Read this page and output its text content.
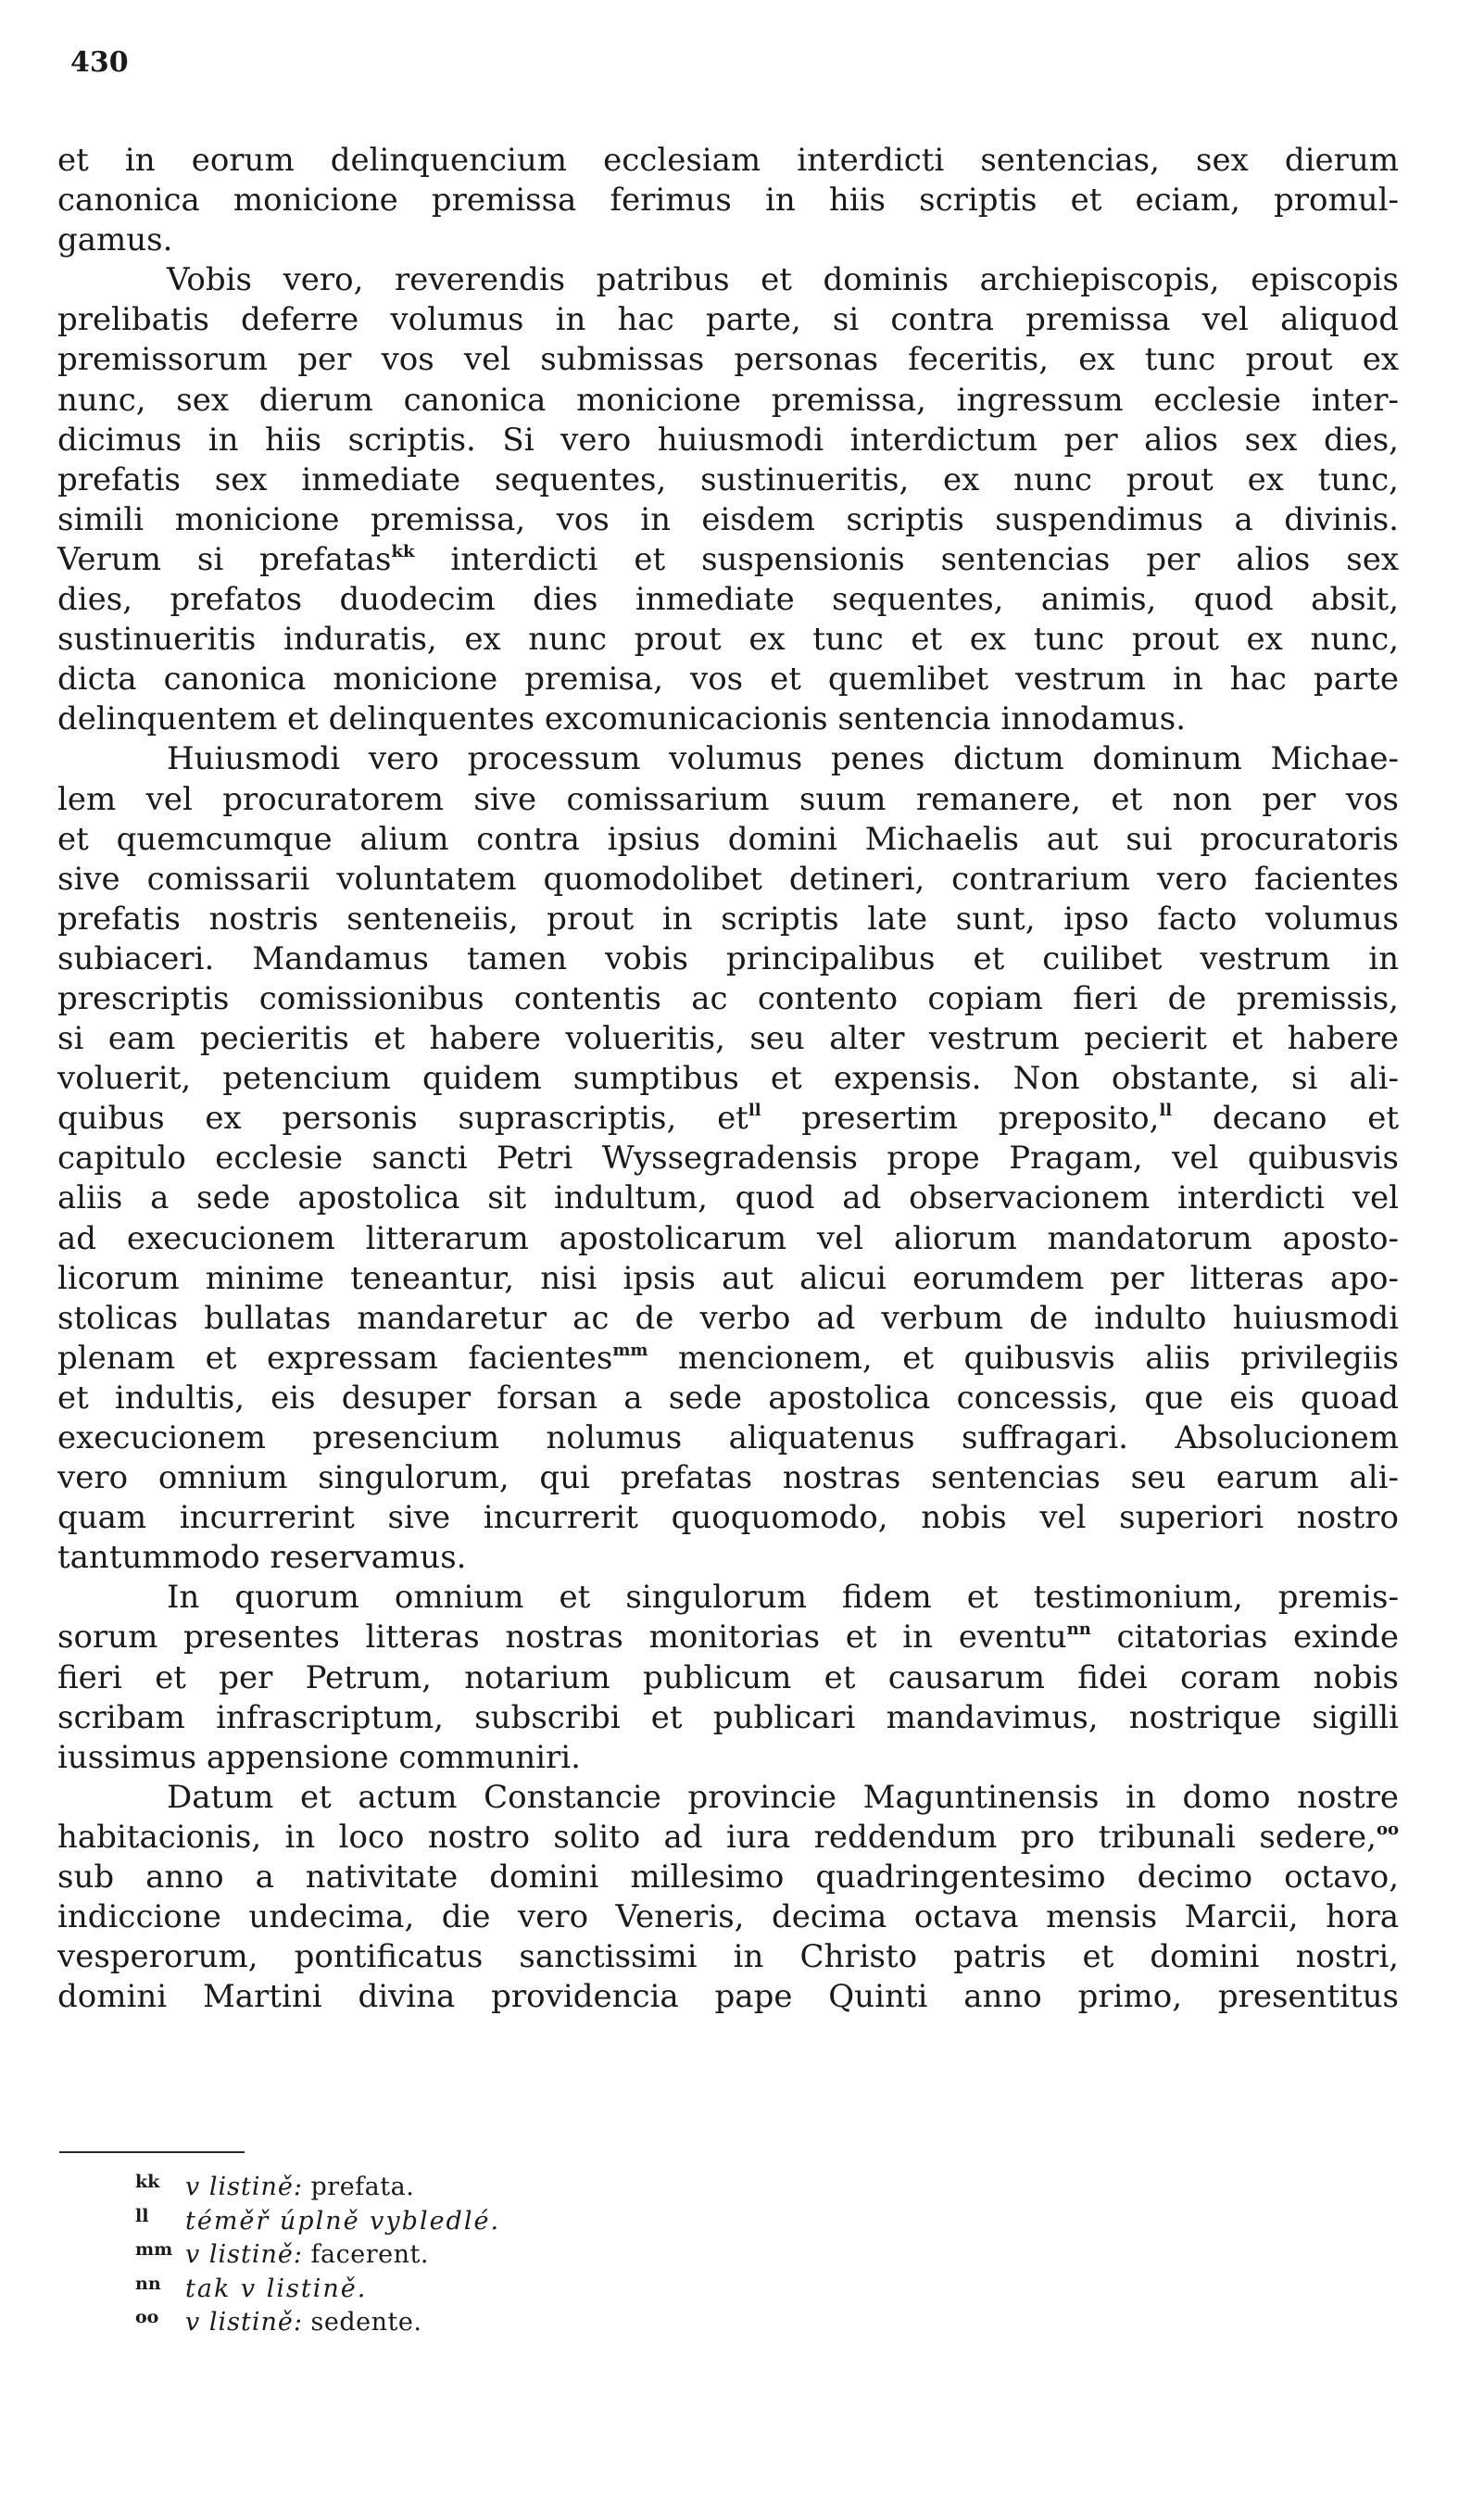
430

et in eorum delinquencium ecclesiam interdicti sentencias, sex dierum
canonica monicione premissa ferimus in hiis scriptis et eciam, promul-
gamus.

Vobis vero, reverendis patribus et dominis archiepiscopis, episcopis
prelibatis deferre volumus in hac parte, si contra premissa vel aliquod
premissorum per vos vel submissas personas feceritis, ex tunc prout ex
nunc, sex dierum canonica monicione premissa, ingressum ecclesie inter-
dicimus in hiis scriptis. Si vero huiusmodi interdictum per alios sex dies,
prefatis sex inmediate sequentes, sustinueritis, ex nunc prout ex tunc,
simili monicione premissa, vos in eisdem scriptis suspendimus a divinis.
Verum si prefatas$^{kk}$ interdicti et suspensionis sentencias per alios sex
dies, prefatos duodecim dies inmediate sequentes, animis, quod absit,
sustinueritis induratis, ex nunc prout ex tunc et ex tunc prout ex nunc,
dicta canonica monicione premisa, vos et quemlibet vestrum in hac parte
delinquentem et delinquentes excomunicacionis sentencia innodamus.

Huiusmodi vero processum volumus penes dictum dominum Michae-
lem vel procuratorem sive comissarium suum remanere, et non per vos
et quemcumque alium contra ipsius domini Michaelis aut sui procuratoris
sive comissarii voluntatem quomodolibet detineri, contrarium vero facientes
prefatis nostris senteneiis, prout in scriptis late sunt, ipso facto volumus
subiaceri. Mandamus tamen vobis principalibus et cuilibet vestrum in
prescriptis comissionibus contentis ac contento copiam fieri de premissis,
si eam pecieritis et habere volueritis, seu alter vestrum pecierit et habere
voluerit, petencium quidem sumptibus et expensis. Non obstante, si ali-
quibus ex personis suprascriptis, et$^{ll}$ presertim preposito,$^{ll}$ decano et
capitulo ecclesie sancti Petri Wyssegradensis prope Pragam, vel quibusvis
aliis a sede apostolica sit indultum, quod ad observacionem interdicti vel
ad execucionem litterarum apostolicarum vel aliorum mandatorum aposto-
licorum minime teneantur, nisi ipsis aut alicui eorumdem per litteras apo-
stolicas bullatas mandaretur ac de verbo ad verbum de indulto huiusmodi
plenam et expressam facientes$^{mm}$ mencionem, et quibusvis aliis privilegiis
et indultis, eis desuper forsan a sede apostolica concessis, que eis quoad
execucionem presencium nolumus aliquatenus suffragari. Absolucionem
vero omnium singulorum, qui prefatas nostras sentencias seu earum ali-
quam incurrerint sive incurrerit quoquomodo, nobis vel superiori nostro
tantummodo reservamus.

In quorum omnium et singulorum fidem et testimonium, premis-
sorum presentes litteras nostras monitorias et in eventu$^{nn}$ citatorias exinde
fieri et per Petrum, notarium publicum et causarum fidei coram nobis
scribam infrascriptum, subscribi et publicari mandavimus, nostrique sigilli
iussimus appensione communiri.

Datum et actum Constancie provincie Maguntinensis in domo nostre
habitacionis, in loco nostro solito ad iura reddendum pro tribunali sedere,$^{oo}$
sub anno a nativitate domini millesimo quadringentesimo decimo octavo,
indiccione undecima, die vero Veneris, decima octava mensis Marcii, hora
vesperorum, pontificatus sanctissimi in Christo patris et domini nostri,
domini Martini divina providencia pape Quinti anno primo, presentitus

kk v listině: prefata.

ll téměř úplně vybledlé.

mm v listině: facerent.

nn tak v listině.

oo v listině: sedente.
